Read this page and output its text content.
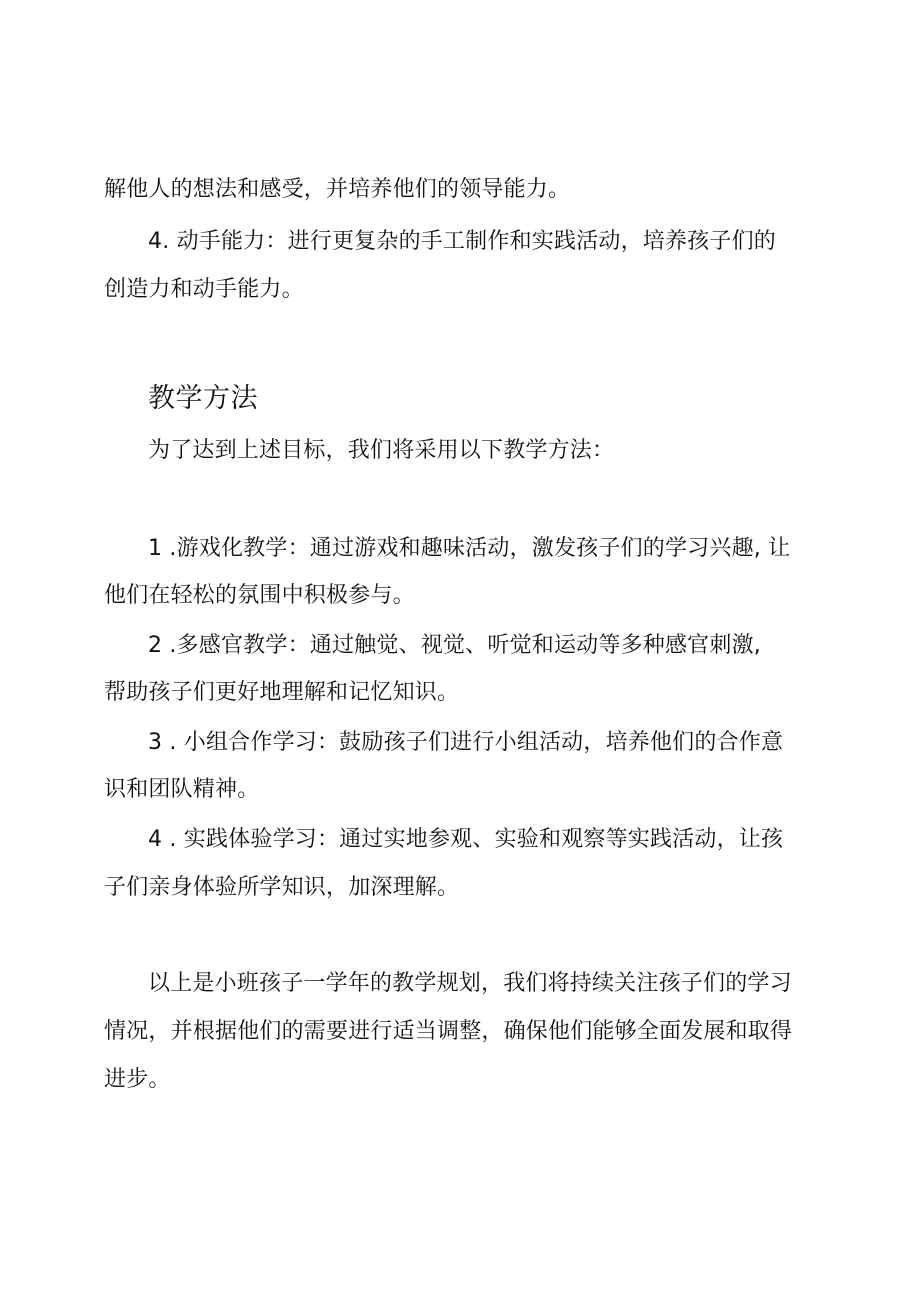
解他人的想法和感受，并培养他们的领导能力。
4. 动手能力：进行更复杂的手工制作和实践活动，培养孩子们的
创造力和动手能力。
教学方法
为了达到上述目标，我们将采用以下教学方法：
1 .游戏化教学：通过游戏和趣味活动，激发孩子们的学习兴趣, 让
他们在轻松的氛围中积极参与。
2 .多感官教学：通过触觉、视觉、听觉和运动等多种感官刺激,
帮助孩子们更好地理解和记忆知识。
3 . 小组合作学习：鼓励孩子们进行小组活动，培养他们的合作意
识和团队精神。
4 . 实践体验学习：通过实地参观、实验和观察等实践活动，让孩
子们亲身体验所学知识，加深理解。
以上是小班孩子一学年的教学规划，我们将持续关注孩子们的学习
情况，并根据他们的需要进行适当调整，确保他们能够全面发展和取得
进步。
